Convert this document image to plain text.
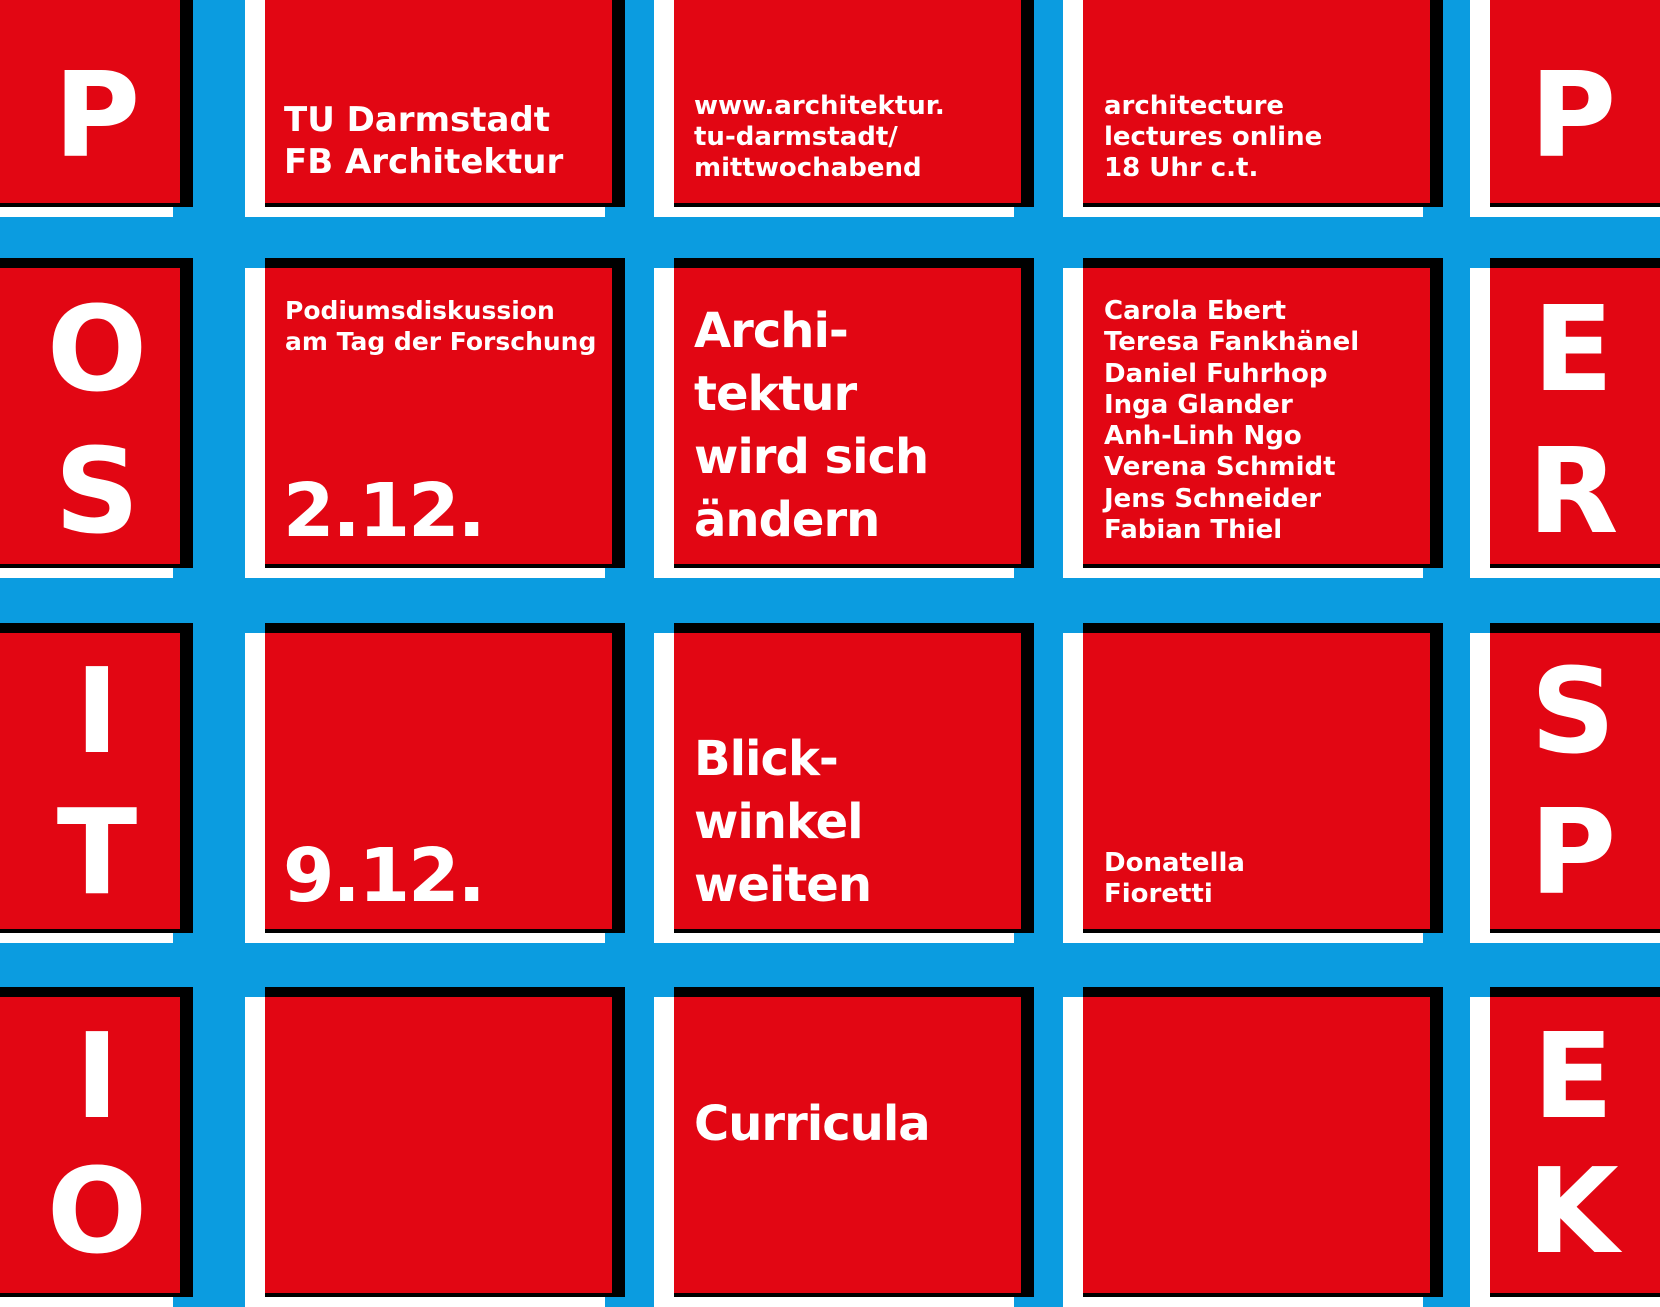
P
O
S
I
T
I
O
P
E
R
S
P
E
K
TU Darmstadt
FB Architektur
www.architektur.
tu-darmstadt/
mittwochabend
architecture
lectures online
18 Uhr c.t.
Podiumsdiskussion
am Tag der Forschung
2.12.
Archi-
tektur
wird sich
ändern
Carola Ebert
Teresa Fankhänel
Daniel Fuhrhop
Inga Glander
Anh-Linh Ngo
Verena Schmidt
Jens Schneider
Fabian Thiel
9.12.
Blick-
winkel
weiten	Donatella
Fioretti
Curricula
